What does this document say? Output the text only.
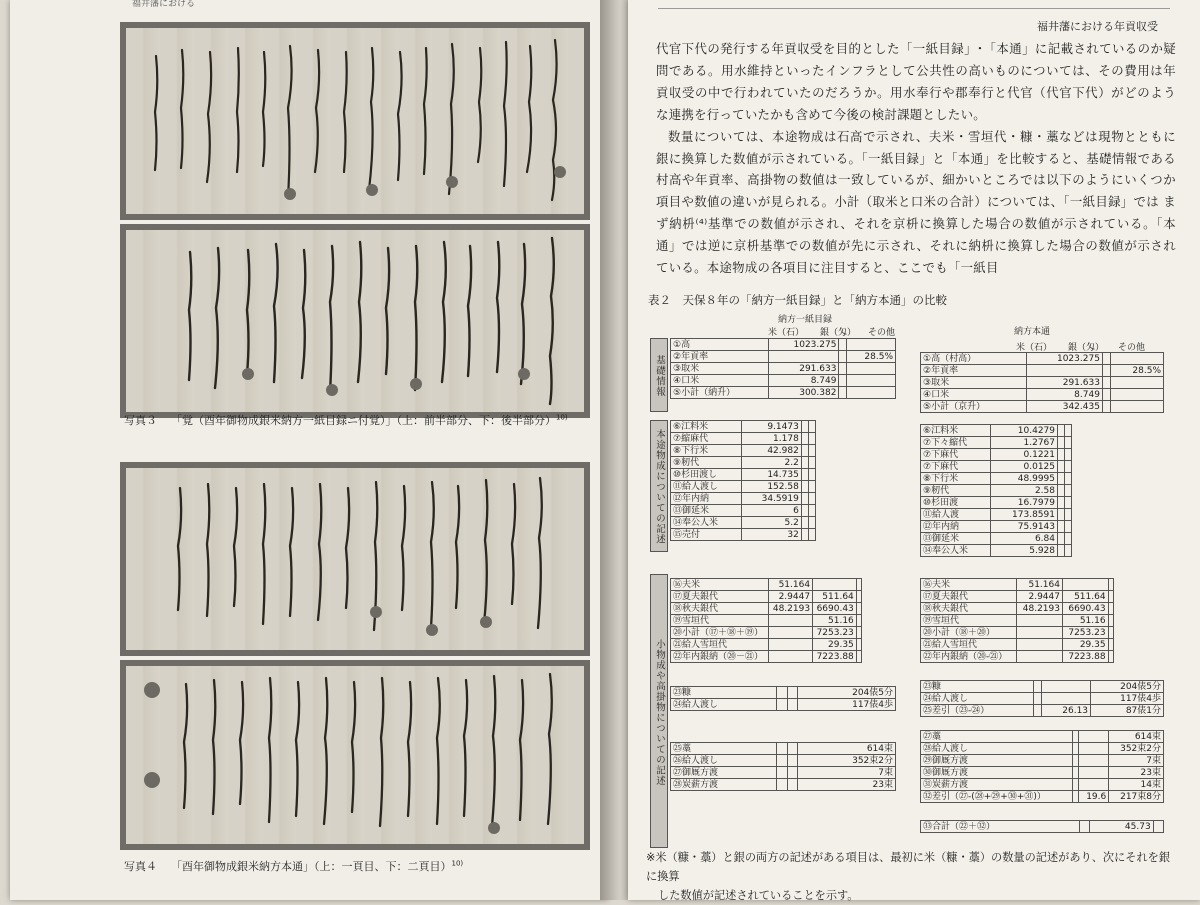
福井藩における
写真３ 「覚（酉年御物成銀米納方一紙目録ニ付覚）」（上：前半部分、下：後半部分）$^{10)}$
写真４ 「酉年御物成銀米納方本通」（上：一頁目、下：二頁目）$^{10)}$
福井藩における年貢収受

代官下代の発行する年貢収受を目的とした「一紙目録」･「本通」に記載されているのか疑問である。用水維持といったインフラとして公共性の高いものについては、その費用は年貢収受の中で行われていたのだろうか。用水奉行や郡奉行と代官（代官下代）がどのような連携を行っていたかも含めて今後の検討課題としたい。

数量については、本途物成は石高で示され、夫米・雪垣代・糠・藁などは現物とともに銀に換算した数値が示されている。「一紙目録」と「本通」を比較すると、基礎情報である村高や年貢率、高掛物の数値は一致しているが、細かいところでは以下のようにいくつか項目や数値の違いが見られる。小計（取米と口米の合計）については、「一紙目録」では まず納枡⁽⁴⁾基準での数値が示され、それを京枡に換算した場合の数値が示されている。「本通」では逆に京枡基準での数値が先に示され、それに納枡に換算した場合の数値が示されている。本途物成の各項目に注目すると、ここでも「一紙目

表２　天保８年の「納方一紙目録」と「納方本通」の比較
納方一紙目録
米（石） 銀（匁） その他	納方本通
米（石） 銀（匁） その他
基礎情報
本途物成についての記述
小物成や高掛物についての記述
①高	1023.275		
②年貢率			28.5%
③取米	291.633		
④口米	8.749		
⑤小計（納升）	300.382		
①高（村高）	1023.275		
②年貢率			28.5%
③取米	291.633		
④口米	8.749		
⑤小計（京升）	342.435		
⑥江料米	9.1473		
⑦縮麻代	1.178		
⑧下行米	42.982		
⑨籾代	2.2		
⑩杉田渡し	14.735		
⑪給人渡し	152.58		
⑫年内納	34.5919		
⑬御延米	6		
⑭奉公人米	5.2		
⑮売付	32		
⑥江料米	10.4279		
⑦下々縮代	1.2767		
⑦下麻代	0.1221		
⑦下麻代	0.0125		
⑧下行米	48.9995		
⑨籾代	2.58		
⑩杉田渡	16.7979		
⑪給人渡	173.8591		
⑫年内納	75.9143		
⑬御延米	6.84		
⑭奉公人米	5.928		
⑯夫米	51.164		
⑰夏夫銀代	2.9447	511.64	
⑱秋夫銀代	48.2193	6690.43	
⑲雪垣代		51.16	
⑳小計（⑰＋⑱＋⑲）		7253.23	
㉑給人雪垣代		29.35	
㉒年内銀納（⑳－㉑）		7223.88	
⑯夫米	51.164		
⑰夏夫銀代	2.9447	511.64	
⑱秋夫銀代	48.2193	6690.43	
⑲雪垣代		51.16	
⑳小計（⑱＋⑳）		7253.23	
㉑給人雪垣代		29.35	
㉒年内銀納（⑳-㉑）		7223.88	
㉓糠			204俵5分
㉔給人渡し			117俵4歩
㉓糠			204俵5分
㉔給人渡し			117俵4歩
㉕差引（㉓-㉔）		26.13	87俵1分
㉕藁			614束
㉖給人渡し			352束2分
㉗御厩方渡			7束
㉘炭薪方渡			23束
㉗藁			614束
㉘給人渡し			352束2分
㉙御厩方渡			7束
㉚御厩方渡			23束
㉛炭薪方渡			14束
㉜差引（㉗-(㉘+㉙+㉚+㉛)）		19.6	217束8分
㉝合計（㉒＋㉜）		45.73	

※米（糠・藁）と銀の両方の記述がある項目は、最初に米（糠・藁）の数量の記述があり、次にそれを銀に換算

した数値が記述されていることを示す。
